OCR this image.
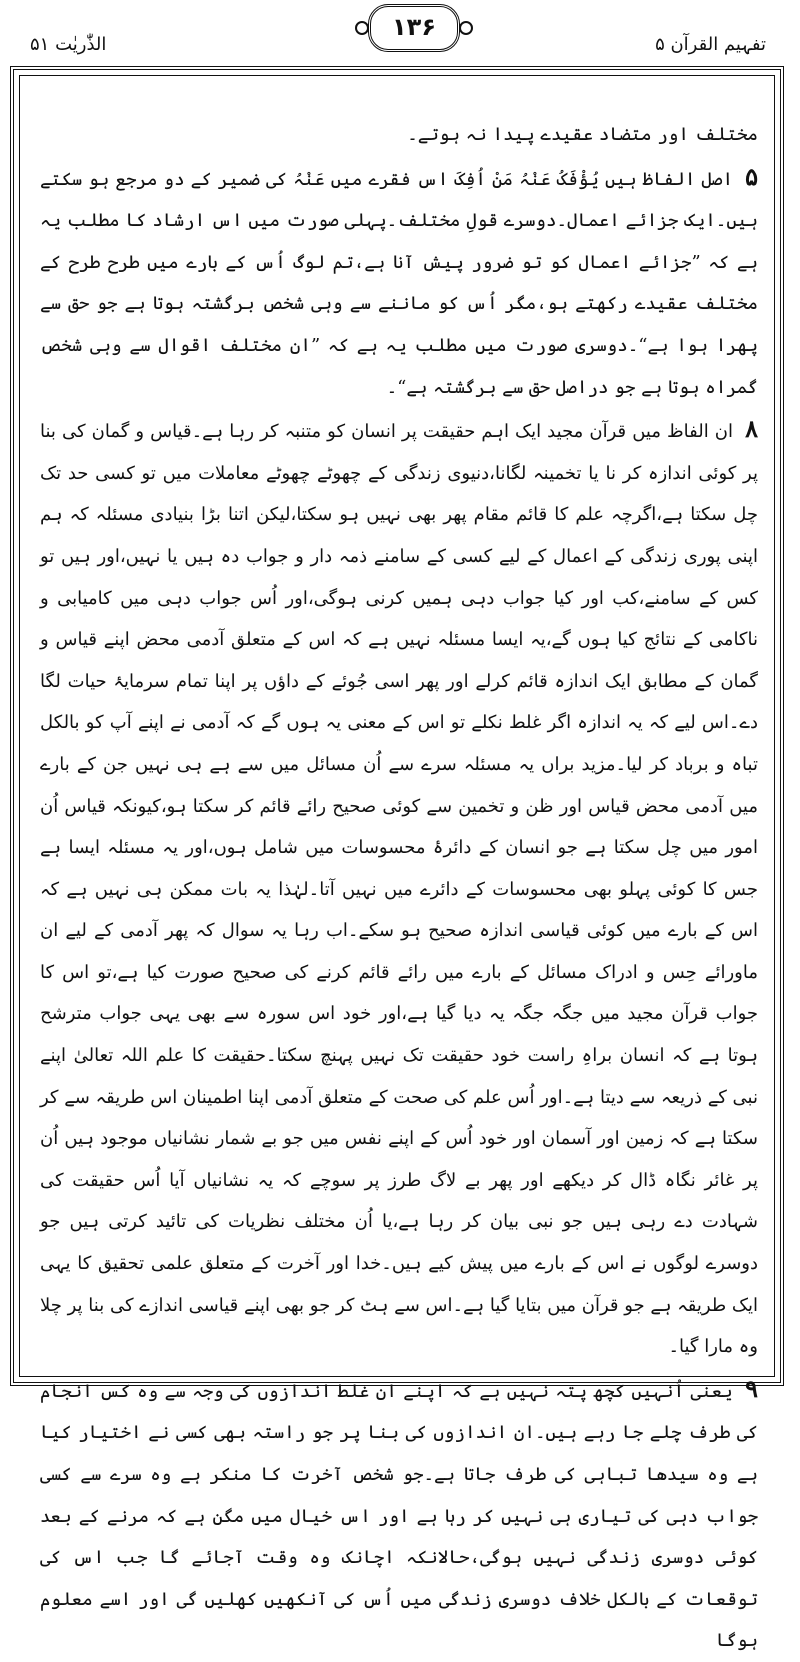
تفہیم القرآن ۵
۱۳۶
الذّٰریٰت ۵۱

مختلف اور متضاد عقیدے پیدا نہ ہوتے۔

۵ اصل الفاظ ہیں یُؤْفَکُ عَنْہُ مَنْ اُفِکَ اس فقرے میں عَنْہُ کی ضمیر کے دو مرجع ہو سکتے ہیں۔ایک جزائے اعمال۔دوسرے قولِ مختلف۔پہلی صورت میں اس ارشاد کا مطلب یہ ہے کہ ”جزائے اعمال کو تو ضرور پیش آنا ہے،تم لوگ اُس کے بارے میں طرح طرح کے مختلف عقیدے رکھتے ہو،مگر اُس کو ماننے سے وہی شخص برگشتہ ہوتا ہے جو حق سے پھرا ہوا ہے“۔دوسری صورت میں مطلب یہ ہے کہ ”ان مختلف اقوال سے وہی شخص گمراہ ہوتا ہے جو دراصل حق سے برگشتہ ہے“۔

۸ ان الفاظ میں قرآن مجید ایک اہم حقیقت پر انسان کو متنبہ کر رہا ہے۔قیاس و گمان کی بنا پر کوئی اندازہ کر نا یا تخمینہ لگانا،دنیوی زندگی کے چھوٹے چھوٹے معاملات میں تو کسی حد تک چل سکتا ہے،اگرچہ علم کا قائم مقام پھر بھی نہیں ہو سکتا،لیکن اتنا بڑا بنیادی مسئلہ کہ ہم اپنی پوری زندگی کے اعمال کے لیے کسی کے سامنے ذمہ دار و جواب دہ ہیں یا نہیں،اور ہیں تو کس کے سامنے،کب اور کیا جواب دہی ہمیں کرنی ہوگی،اور اُس جواب دہی میں کامیابی و ناکامی کے نتائج کیا ہوں گے،یہ ایسا مسئلہ نہیں ہے کہ اس کے متعلق آدمی محض اپنے قیاس و گمان کے مطابق ایک اندازہ قائم کرلے اور پھر اسی جُوئے کے داؤں پر اپنا تمام سرمایۂ حیات لگا دے۔اس لیے کہ یہ اندازہ اگر غلط نکلے تو اس کے معنی یہ ہوں گے کہ آدمی نے اپنے آپ کو بالکل تباہ و برباد کر لیا۔مزید براں یہ مسئلہ سرے سے اُن مسائل میں سے ہے ہی نہیں جن کے بارے میں آدمی محض قیاس اور ظن و تخمین سے کوئی صحیح رائے قائم کر سکتا ہو،کیونکہ قیاس اُن امور میں چل سکتا ہے جو انسان کے دائرۂ محسوسات میں شامل ہوں،اور یہ مسئلہ ایسا ہے جس کا کوئی پہلو بھی محسوسات کے دائرے میں نہیں آتا۔لہٰذا یہ بات ممکن ہی نہیں ہے کہ اس کے بارے میں کوئی قیاسی اندازہ صحیح ہو سکے۔اب رہا یہ سوال کہ پھر آدمی کے لیے ان ماورائے حِس و ادراک مسائل کے بارے میں رائے قائم کرنے کی صحیح صورت کیا ہے،تو اس کا جواب قرآن مجید میں جگہ جگہ یہ دیا گیا ہے،اور خود اس سورہ سے بھی یہی جواب مترشح ہوتا ہے کہ انسان براہِ راست خود حقیقت تک نہیں پہنچ سکتا۔حقیقت کا علم اللہ تعالیٰ اپنے نبی کے ذریعہ سے دیتا ہے۔اور اُس علم کی صحت کے متعلق آدمی اپنا اطمینان اس طریقہ سے کر سکتا ہے کہ زمین اور آسمان اور خود اُس کے اپنے نفس میں جو بے شمار نشانیاں موجود ہیں اُن پر غائر نگاہ ڈال کر دیکھے اور پھر بے لاگ طرز پر سوچے کہ یہ نشانیاں آیا اُس حقیقت کی شہادت دے رہی ہیں جو نبی بیان کر رہا ہے،یا اُن مختلف نظریات کی تائید کرتی ہیں جو دوسرے لوگوں نے اس کے بارے میں پیش کیے ہیں۔خدا اور آخرت کے متعلق علمی تحقیق کا یہی ایک طریقہ ہے جو قرآن میں بتایا گیا ہے۔اس سے ہٹ کر جو بھی اپنے قیاسی اندازے کی بنا پر چلا وہ مارا گیا۔

۹ یعنی اُنہیں کچھ پتہ نہیں ہے کہ اپنے ان غلط اندازوں کی وجہ سے وہ کس انجام کی طرف چلے جا رہے ہیں۔ان اندازوں کی بنا پر جو راستہ بھی کسی نے اختیار کیا ہے وہ سیدھا تباہی کی طرف جاتا ہے۔جو شخص آخرت کا منکر ہے وہ سرے سے کسی جواب دہی کی تیاری ہی نہیں کر رہا ہے اور اس خیال میں مگن ہے کہ مرنے کے بعد کوئی دوسری زندگی نہیں ہوگی،حالانکہ اچانک وہ وقت آجائے گا جب اس کی توقعات کے بالکل خلاف دوسری زندگی میں اُس کی آنکھیں کھلیں گی اور اسے معلوم ہوگا
